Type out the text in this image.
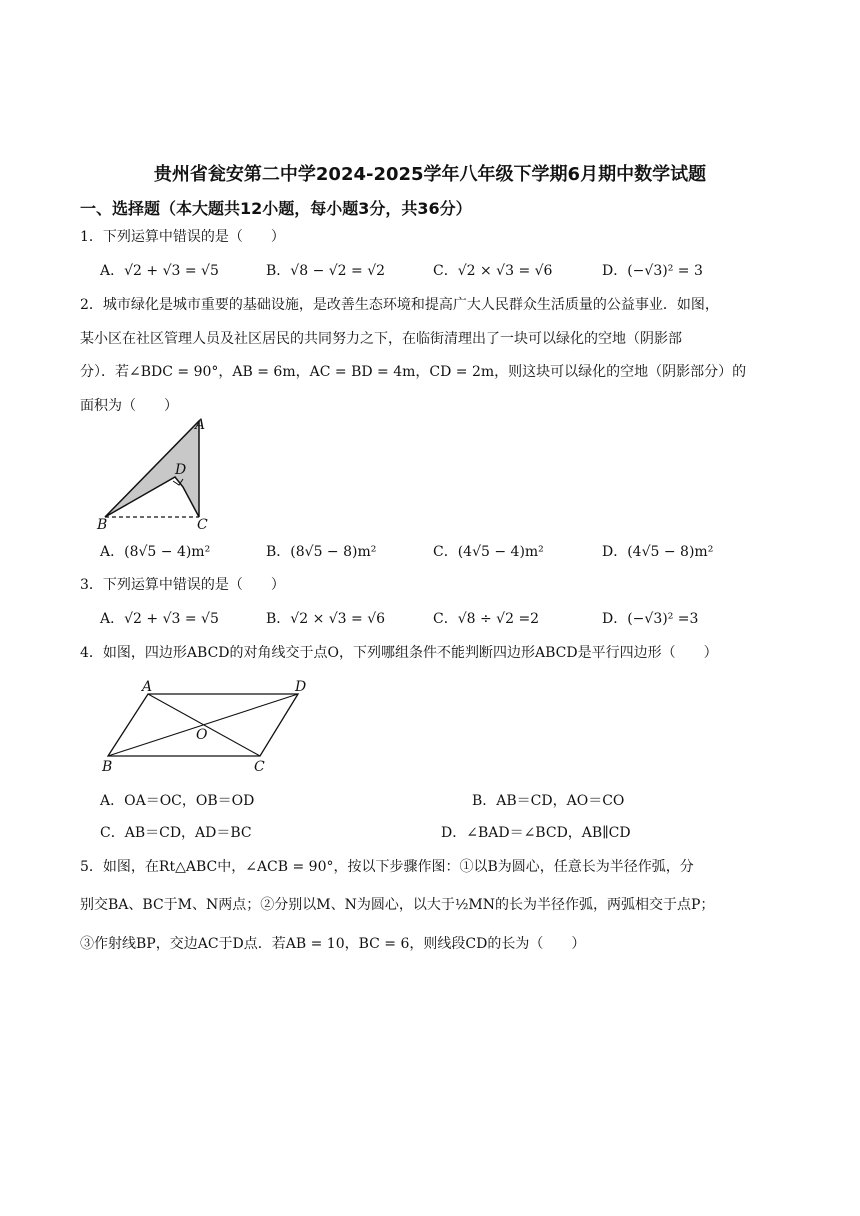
贵州省瓮安第二中学2024-2025学年八年级下学期6月期中数学试题
一、选择题（本大题共12小题，每小题3分，共36分）
1．下列运算中错误的是（　　）
A．√2 + √3 = √5	B．√8 − √2 = √2	C．√2 × √3 = √6	D．(−√3)² = 3
2．城市绿化是城市重要的基础设施，是改善生态环境和提高广大人民群众生活质量的公益事业．如图，
某小区在社区管理人员及社区居民的共同努力之下，在临街清理出了一块可以绿化的空地（阴影部
分）．若∠BDC = 90°，AB = 6m，AC = BD = 4m，CD = 2m，则这块可以绿化的空地（阴影部分）的
面积为（　　）
A
D
B	C
A．(8√5 − 4)m²	B．(8√5 − 8)m²	C．(4√5 − 4)m²	D．(4√5 − 8)m²
3．下列运算中错误的是（　　）
A．√2 + √3 = √5	B．√2 × √3 = √6	C．√8 ÷ √2 =2	D．(−√3)² =3
4．如图，四边形ABCD的对角线交于点O，下列哪组条件不能判断四边形ABCD是平行四边形（　　）
A	D
O
B	C
A．OA＝OC，OB＝OD	B．AB＝CD，AO＝CO
C．AB＝CD，AD＝BC	D．∠BAD＝∠BCD，AB∥CD
5．如图，在Rt△ABC中，∠ACB = 90°，按以下步骤作图：①以B为圆心，任意长为半径作弧，分
别交BA、BC于M、N两点；②分别以M、N为圆心，以大于½MN的长为半径作弧，两弧相交于点P；
③作射线BP，交边AC于D点．若AB = 10，BC = 6，则线段CD的长为（　　）
